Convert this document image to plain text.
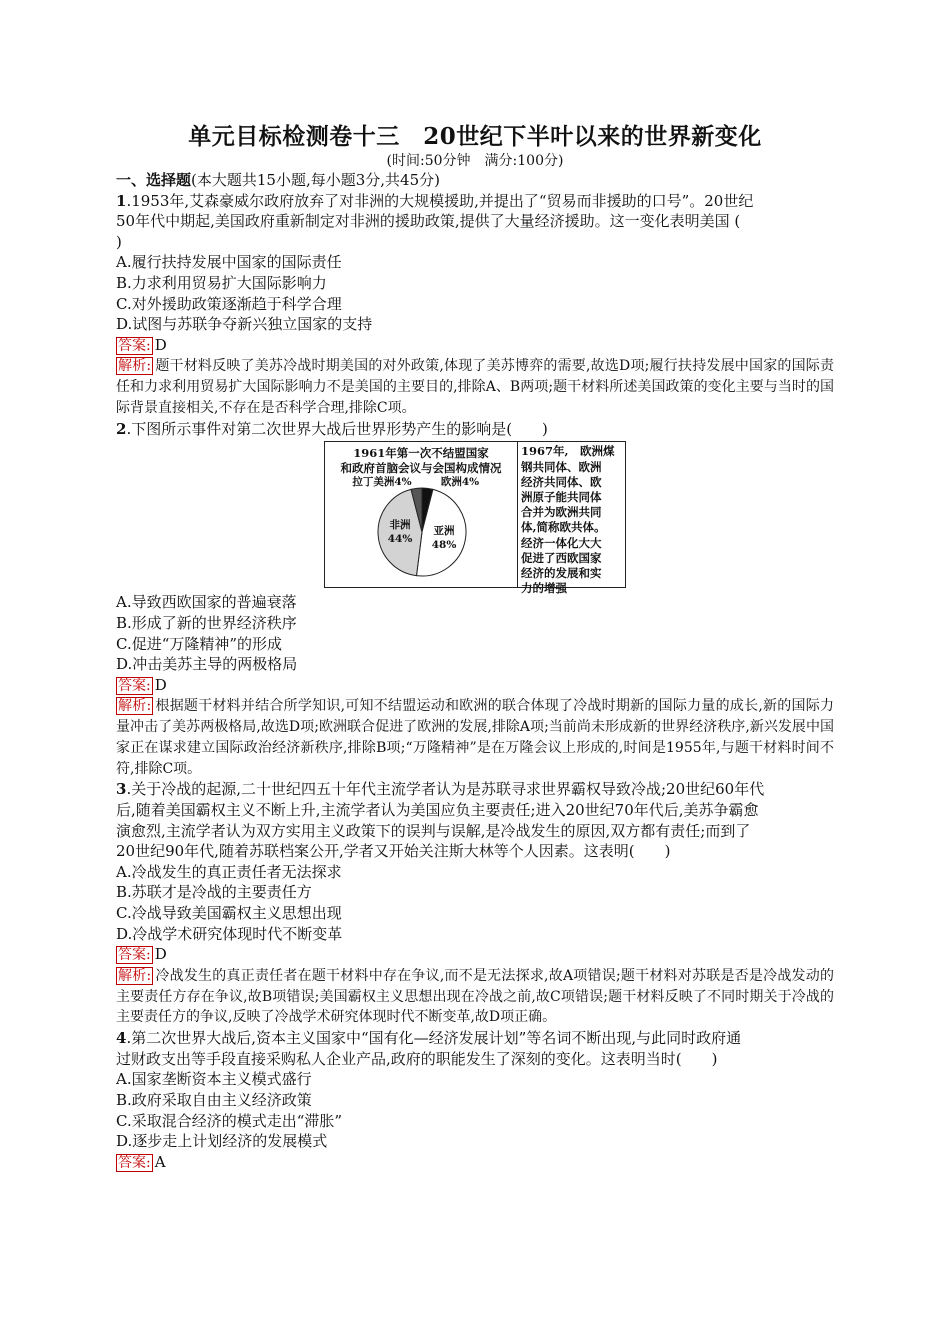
单元目标检测卷十三　20世纪下半叶以来的世界新变化
(时间:50分钟　满分:100分)
一、选择题(本大题共15小题,每小题3分,共45分)
1.1953年,艾森豪威尔政府放弃了对非洲的大规模援助,并提出了“贸易而非援助的口号”。20世纪
50年代中期起,美国政府重新制定对非洲的援助政策,提供了大量经济援助。这一变化表明美国 (
)
A.履行扶持发展中国家的国际责任
B.力求利用贸易扩大国际影响力
C.对外援助政策逐渐趋于科学合理
D.试图与苏联争夺新兴独立国家的支持
答案: D
解析: 题干材料反映了美苏冷战时期美国的对外政策,体现了美苏博弈的需要,故选D项;履行扶持发展中国家的国际责任和力求利用贸易扩大国际影响力不是美国的主要目的,排除A、B两项;题干材料所述美国政策的变化主要与当时的国际背景直接相关,不存在是否科学合理,排除C项。
2.下图所示事件对第二次世界大战后世界形势产生的影响是(　　)
1961年第一次不结盟国家
和政府首脑会议与会国构成情况
亚洲
48%
非洲
44%
拉丁美洲4%	欧洲4%
1967年,　欧洲煤
钢共同体、欧洲
经济共同体、欧
洲原子能共同体
合并为欧洲共同
体,简称欧共体。
经济一体化大大
促进了西欧国家
经济的发展和实
力的增强
A.导致西欧国家的普遍衰落
B.形成了新的世界经济秩序
C.促进“万隆精神”的形成
D.冲击美苏主导的两极格局
答案: D
解析: 根据题干材料并结合所学知识,可知不结盟运动和欧洲的联合体现了冷战时期新的国际力量的成长,新的国际力量冲击了美苏两极格局,故选D项;欧洲联合促进了欧洲的发展,排除A项;当前尚未形成新的世界经济秩序,新兴发展中国家正在谋求建立国际政治经济新秩序,排除B项;“万隆精神”是在万隆会议上形成的,时间是1955年,与题干材料时间不符,排除C项。
3.关于冷战的起源,二十世纪四五十年代主流学者认为是苏联寻求世界霸权导致冷战;20世纪60年代
后,随着美国霸权主义不断上升,主流学者认为美国应负主要责任;进入20世纪70年代后,美苏争霸愈
演愈烈,主流学者认为双方实用主义政策下的误判与误解,是冷战发生的原因,双方都有责任;而到了
20世纪90年代,随着苏联档案公开,学者又开始关注斯大林等个人因素。这表明(　　)
A.冷战发生的真正责任者无法探求
B.苏联才是冷战的主要责任方
C.冷战导致美国霸权主义思想出现
D.冷战学术研究体现时代不断变革
答案: D
解析: 冷战发生的真正责任者在题干材料中存在争议,而不是无法探求,故A项错误;题干材料对苏联是否是冷战发动的主要责任方存在争议,故B项错误;美国霸权主义思想出现在冷战之前,故C项错误;题干材料反映了不同时期关于冷战的主要责任方的争议,反映了冷战学术研究体现时代不断变革,故D项正确。
4.第二次世界大战后,资本主义国家中“国有化—经济发展计划”等名词不断出现,与此同时政府通
过财政支出等手段直接采购私人企业产品,政府的职能发生了深刻的变化。这表明当时(　　)
A.国家垄断资本主义模式盛行
B.政府采取自由主义经济政策
C.采取混合经济的模式走出“滞胀”
D.逐步走上计划经济的发展模式
答案: A
